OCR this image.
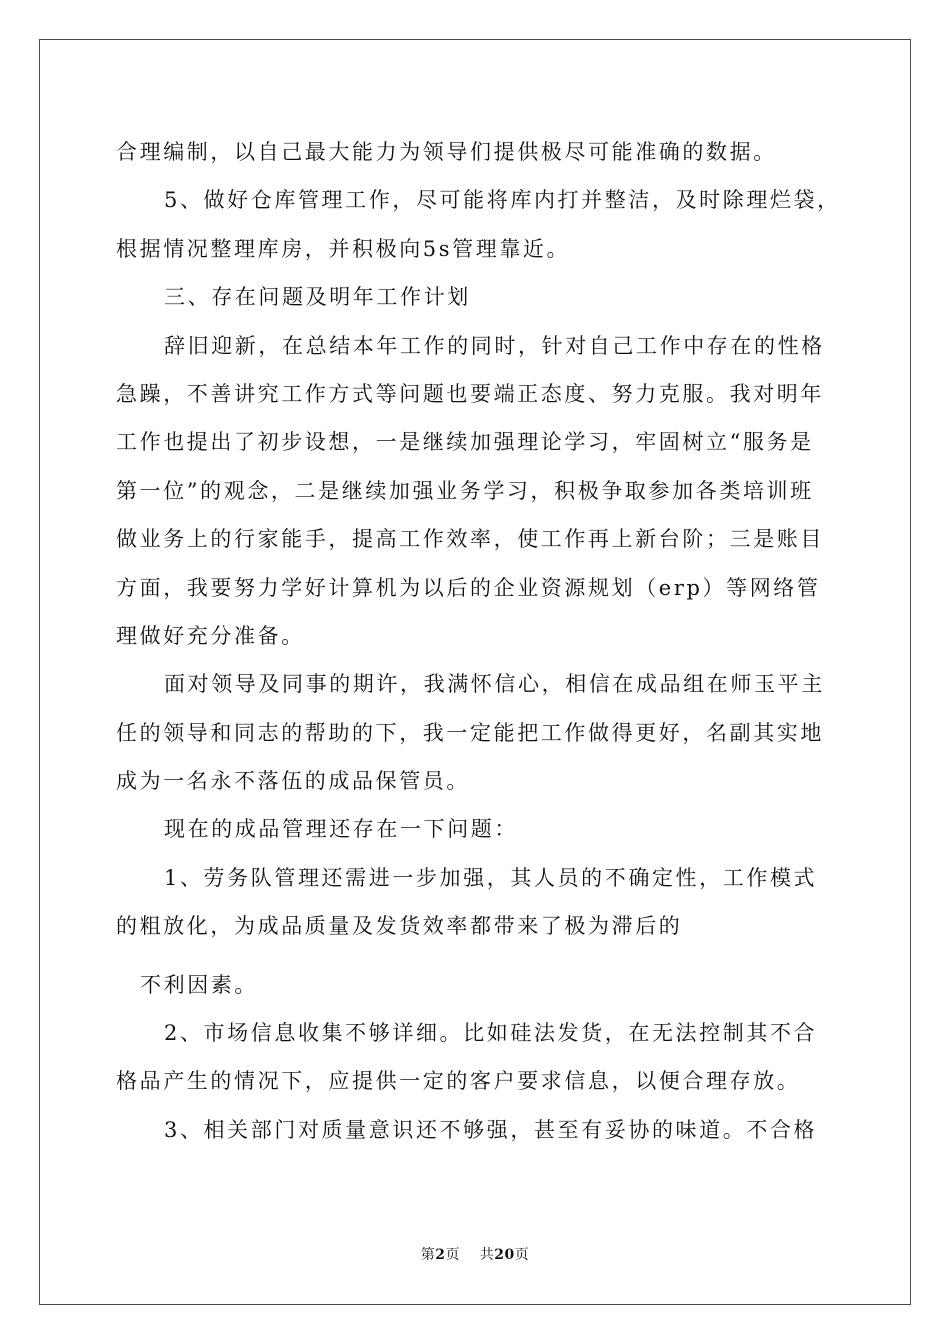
合理编制，以自己最大能力为领导们提供极尽可能准确的数据。
5、做好仓库管理工作，尽可能将库内打并整洁，及时除理烂袋，
根据情况整理库房，并积极向5s管理靠近。
三、存在问题及明年工作计划
辞旧迎新，在总结本年工作的同时，针对自己工作中存在的性格
急躁，不善讲究工作方式等问题也要端正态度、努力克服。我对明年
工作也提出了初步设想，一是继续加强理论学习，牢固树立“服务是
第一位”的观念，二是继续加强业务学习，积极争取参加各类培训班
做业务上的行家能手，提高工作效率，使工作再上新台阶；三是账目
方面，我要努力学好计算机为以后的企业资源规划（erp）等网络管
理做好充分准备。
面对领导及同事的期许，我满怀信心，相信在成品组在师玉平主
任的领导和同志的帮助的下，我一定能把工作做得更好，名副其实地
成为一名永不落伍的成品保管员。
现在的成品管理还存在一下问题：
1、劳务队管理还需进一步加强，其人员的不确定性，工作模式
的粗放化，为成品质量及发货效率都带来了极为滞后的
不利因素。
2、市场信息收集不够详细。比如硅法发货，在无法控制其不合
格品产生的情况下，应提供一定的客户要求信息，以便合理存放。
3、相关部门对质量意识还不够强，甚至有妥协的味道。不合格
第2页 共20页
